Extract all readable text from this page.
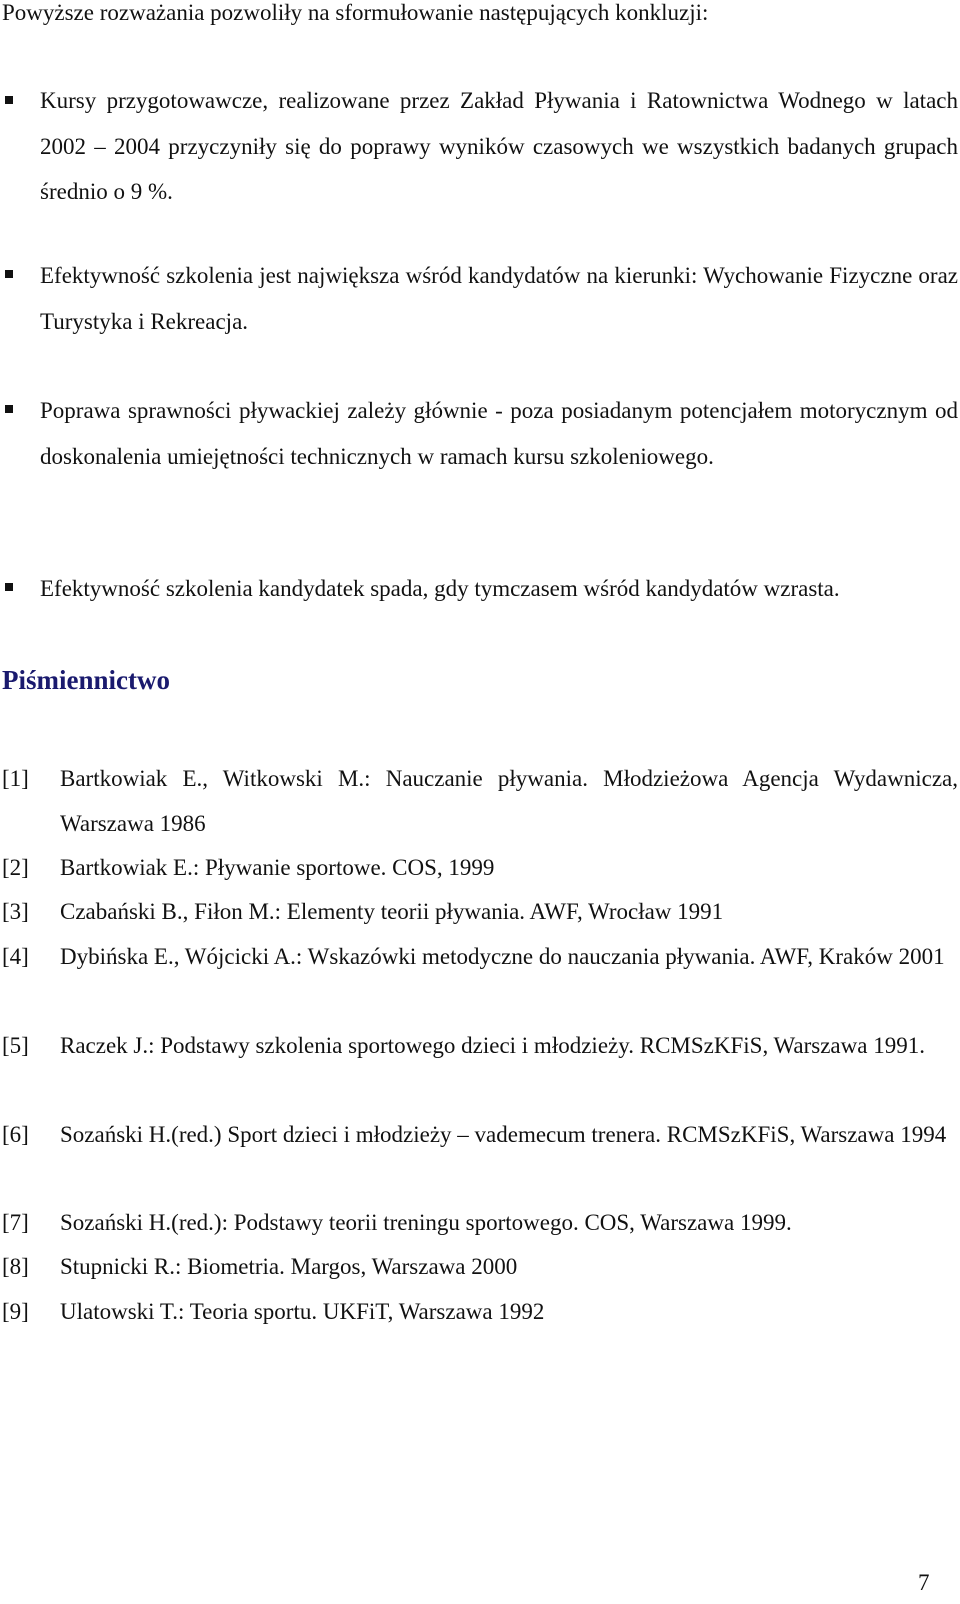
Powyższe rozważania pozwoliły na sformułowanie następujących konkluzji:
Kursy przygotowawcze, realizowane przez Zakład Pływania i Ratownictwa Wodnego w latach 2002 – 2004 przyczyniły się do poprawy wyników czasowych we wszystkich badanych grupach średnio o 9 %.
Efektywność szkolenia jest największa wśród kandydatów na kierunki: Wychowanie Fizyczne oraz Turystyka i Rekreacja.
Poprawa sprawności pływackiej zależy głównie - poza posiadanym potencjałem motorycznym od doskonalenia umiejętności technicznych w ramach kursu szkoleniowego.
Efektywność szkolenia kandydatek spada, gdy tymczasem wśród kandydatów wzrasta.
Piśmiennictwo
[1] Bartkowiak E., Witkowski M.: Nauczanie pływania. Młodzieżowa Agencja Wydawnicza, Warszawa 1986
[2] Bartkowiak E.: Pływanie sportowe. COS, 1999
[3] Czabański B., Fiłon M.: Elementy teorii pływania. AWF, Wrocław 1991
[4] Dybińska E., Wójcicki A.: Wskazówki metodyczne do nauczania pływania. AWF, Kraków 2001
[5] Raczek J.: Podstawy szkolenia sportowego dzieci i młodzieży. RCMSzKFiS, Warszawa 1991.
[6] Sozański H.(red.) Sport dzieci i młodzieży – vademecum trenera. RCMSzKFiS, Warszawa 1994
[7] Sozański H.(red.): Podstawy teorii treningu sportowego. COS, Warszawa 1999.
[8] Stupnicki R.: Biometria. Margos, Warszawa 2000
[9] Ulatowski T.: Teoria sportu. UKFiT, Warszawa 1992
7
